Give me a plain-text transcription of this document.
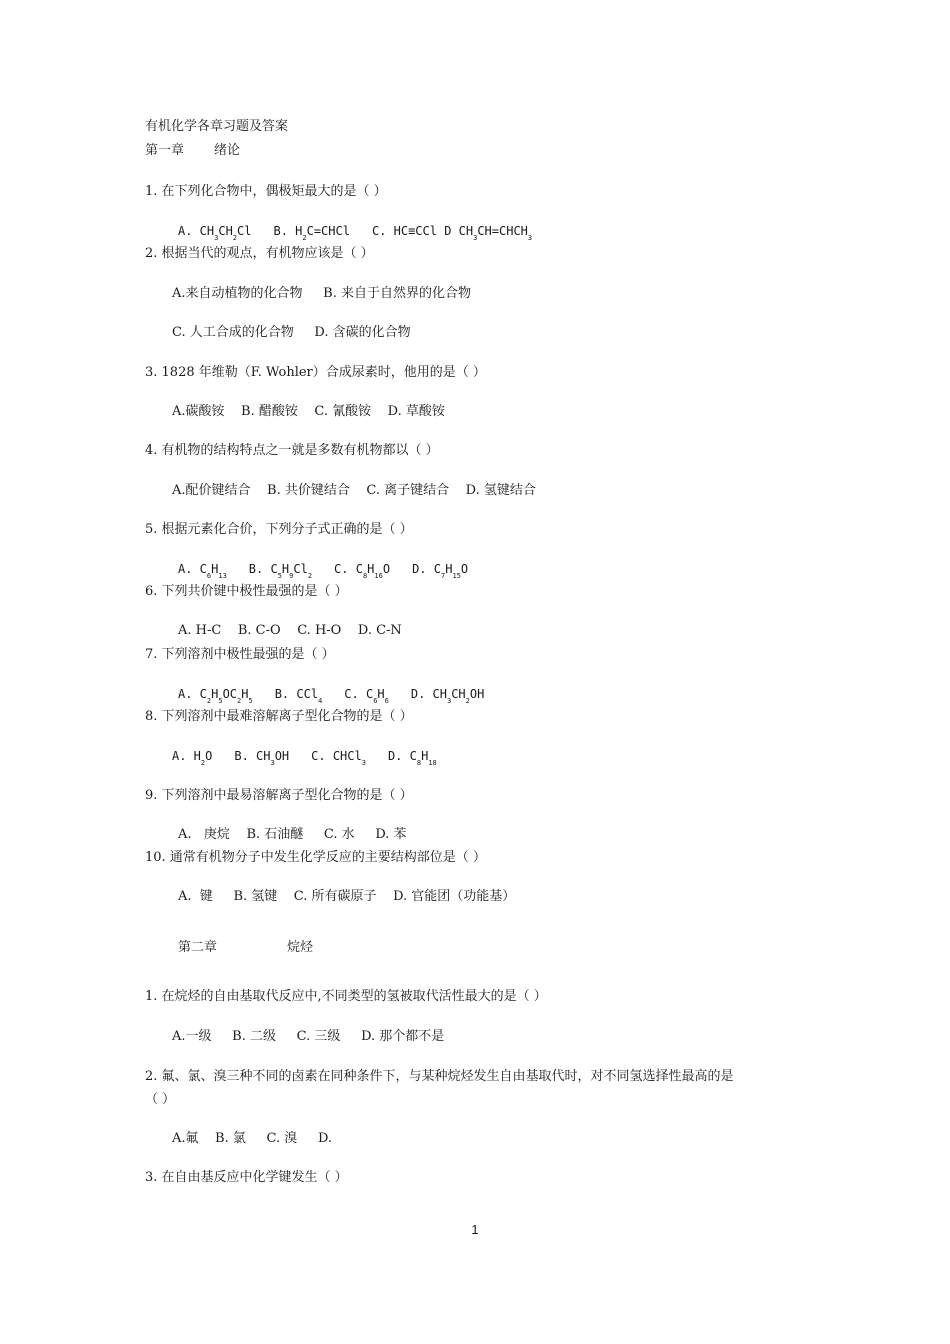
有机化学各章习题及答案
第一章 绪论
1. 在下列化合物中，偶极矩最大的是（ ）
A. $CH_3CH_2Cl$ B. $H_2C=CHCl$ C. HC≡CCl D $CH_3CH=CHCH_3$
2. 根据当代的观点，有机物应该是（ ）
A.来自动植物的化合物     B. 来自于自然界的化合物
C. 人工合成的化合物     D. 含碳的化合物
3. 1828 年维勒（F. Wohler）合成尿素时，他用的是（ ）
A.碳酸铵    B. 醋酸铵    C. 氰酸铵    D. 草酸铵
4. 有机物的结构特点之一就是多数有机物都以（ ）
A.配价键结合    B. 共价键结合    C. 离子键结合    D. 氢键结合
5. 根据元素化合价，下列分子式正确的是（ ）
A. $C_6H_{13}$ B. $C_5H_9Cl_2$ C. $C_8H_{16}O$ D. $C_7H_{15}O$
6. 下列共价键中极性最强的是（ ）
A. H-C    B. C-O    C. H-O    D. C-N
7. 下列溶剂中极性最强的是（ ）
A. $C_2H_5OC_2H_5$ B. CCl$_4$ C. $C_6H_6$ D. $CH_3CH_2OH$
8. 下列溶剂中最难溶解离子型化合物的是（ ）
A. $H_2O$ B. $CH_3OH$ C. CHCl$_3$ D. $C_8H_{18}$
9. 下列溶剂中最易溶解离子型化合物的是（ ）
A.   庚烷    B. 石油醚     C. 水     D. 苯
10. 通常有机物分子中发生化学反应的主要结构部位是（ ）
A.  键     B. 氢键    C. 所有碳原子    D. 官能团（功能基）
第二章	烷烃
1. 在烷烃的自由基取代反应中,不同类型的氢被取代活性最大的是（ ）
A.一级     B. 二级     C. 三级     D. 那个都不是
2. 氟、氯、溴三种不同的卤素在同种条件下，与某种烷烃发生自由基取代时，对不同氢选择性最高的是
（ ）
A.氟    B. 氯     C. 溴     D.
3. 在自由基反应中化学键发生（ ）
1
